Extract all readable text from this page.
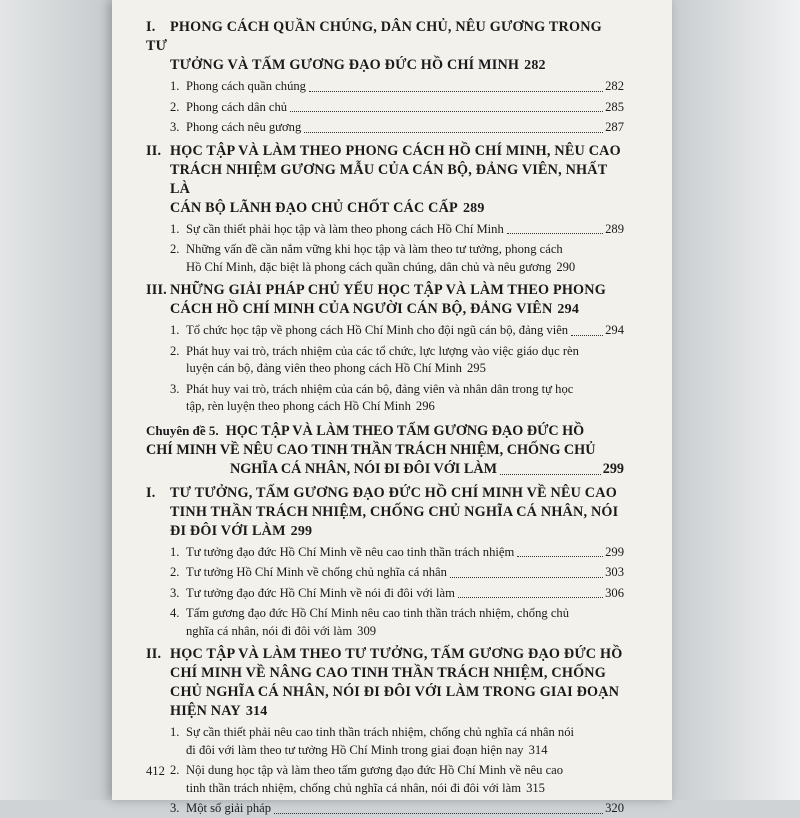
I. PHONG CÁCH QUẦN CHÚNG, DÂN CHỦ, NÊU GƯƠNG TRONG TƯ
TƯỞNG VÀ TẤM GƯƠNG ĐẠO ĐỨC HỒ CHÍ MINH 282
1. Phong cách quần chúng	282
2. Phong cách dân chủ	285
3. Phong cách nêu gương	287
II. HỌC TẬP VÀ LÀM THEO PHONG CÁCH HỒ CHÍ MINH, NÊU CAO
TRÁCH NHIỆM GƯƠNG MẪU CỦA CÁN BỘ, ĐẢNG VIÊN, NHẤT LÀ
CÁN BỘ LÃNH ĐẠO CHỦ CHỐT CÁC CẤP 289
1. Sự cần thiết phải học tập và làm theo phong cách Hồ Chí Minh	289
2. Những vấn đề cần nắm vững khi học tập và làm theo tư tưởng, phong cách
Hồ Chí Minh, đặc biệt là phong cách quần chúng, dân chủ và nêu gương 290
III. NHỮNG GIẢI PHÁP CHỦ YẾU HỌC TẬP VÀ LÀM THEO PHONG
CÁCH HỒ CHÍ MINH CỦA NGƯỜI CÁN BỘ, ĐẢNG VIÊN 294
1. Tổ chức học tập về phong cách Hồ Chí Minh cho đội ngũ cán bộ, đảng viên	294
2. Phát huy vai trò, trách nhiệm của các tổ chức, lực lượng vào việc giáo dục rèn
luyện cán bộ, đảng viên theo phong cách Hồ Chí Minh 295
3. Phát huy vai trò, trách nhiệm của cán bộ, đảng viên và nhân dân trong tự học
tập, rèn luyện theo phong cách Hồ Chí Minh 296
Chuyên đề 5. HỌC TẬP VÀ LÀM THEO TẤM GƯƠNG ĐẠO ĐỨC HỒ
CHÍ MINH VỀ NÊU CAO TINH THẦN TRÁCH NHIỆM, CHỐNG CHỦ
NGHĨA CÁ NHÂN, NÓI ĐI ĐÔI VỚI LÀM	299
I. TƯ TƯỞNG, TẤM GƯƠNG ĐẠO ĐỨC HỒ CHÍ MINH VỀ NÊU CAO
TINH THẦN TRÁCH NHIỆM, CHỐNG CHỦ NGHĨA CÁ NHÂN, NÓI
ĐI ĐÔI VỚI LÀM 299
1. Tư tưởng đạo đức Hồ Chí Minh về nêu cao tinh thần trách nhiệm	299
2. Tư tưởng Hồ Chí Minh về chống chủ nghĩa cá nhân	303
3. Tư tưởng đạo đức Hồ Chí Minh về nói đi đôi với làm	306
4. Tấm gương đạo đức Hồ Chí Minh nêu cao tinh thần trách nhiệm, chống chủ
nghĩa cá nhân, nói đi đôi với làm 309
II. HỌC TẬP VÀ LÀM THEO TƯ TƯỞNG, TẤM GƯƠNG ĐẠO ĐỨC HỒ
CHÍ MINH VỀ NÂNG CAO TINH THẦN TRÁCH NHIỆM, CHỐNG
CHỦ NGHĨA CÁ NHÂN, NÓI ĐI ĐÔI VỚI LÀM TRONG GIAI ĐOẠN
HIỆN NAY 314
1. Sự cần thiết phải nêu cao tinh thần trách nhiệm, chống chủ nghĩa cá nhân nói
đi đôi với làm theo tư tưởng Hồ Chí Minh trong giai đoạn hiện nay 314
2. Nội dung học tập và làm theo tấm gương đạo đức Hồ Chí Minh về nêu cao
tinh thần trách nhiệm, chống chủ nghĩa cá nhân, nói đi đôi với làm 315
3. Một số giải pháp	320
412
